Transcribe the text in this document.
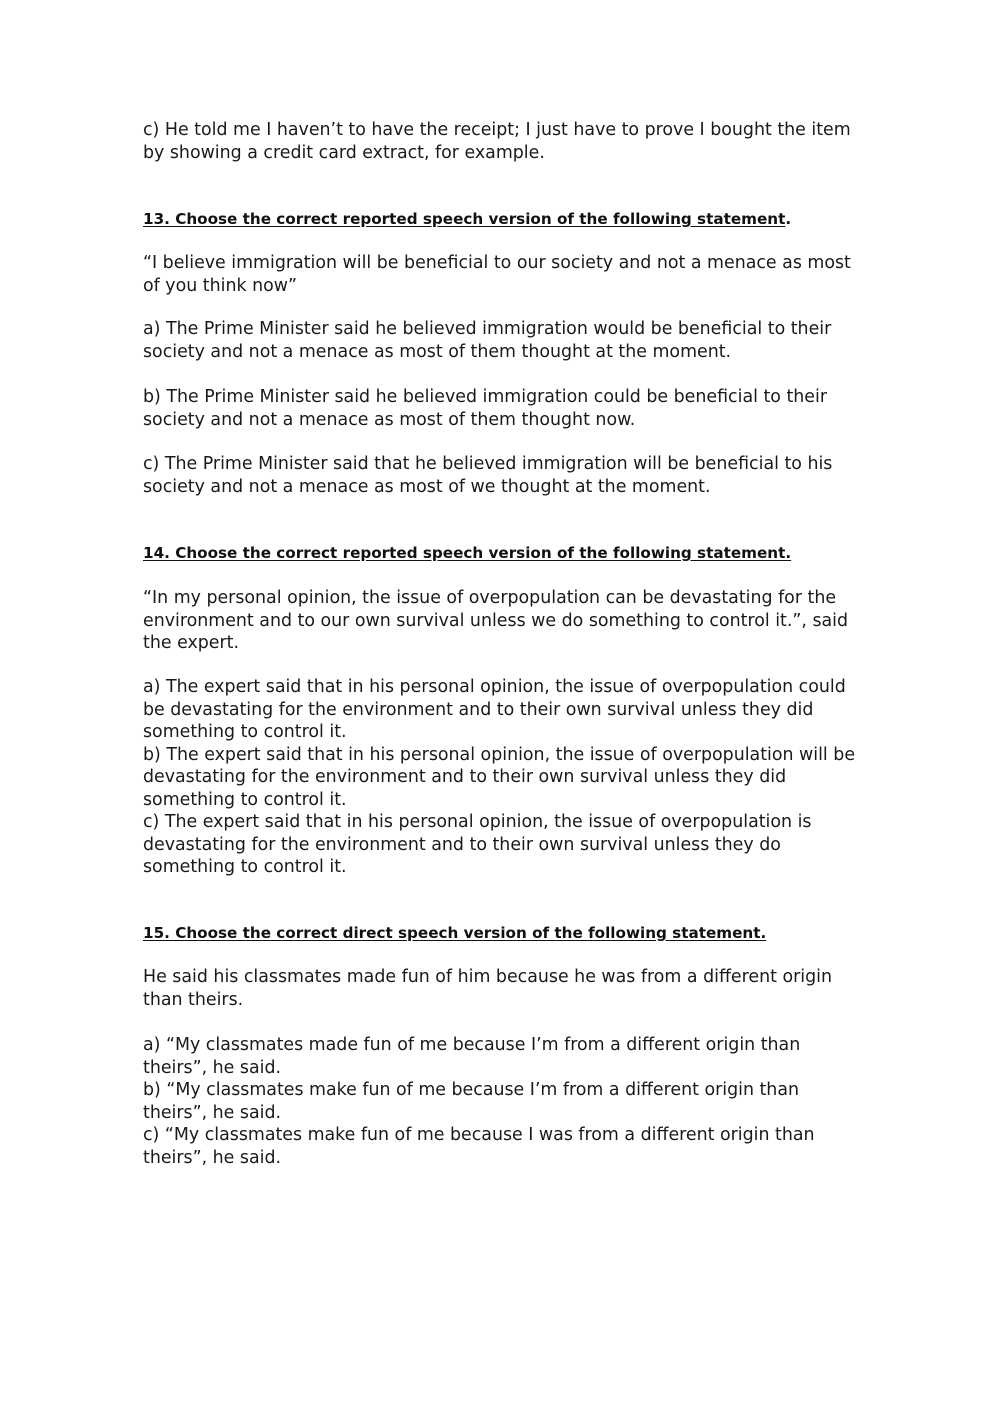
c) He told me I haven’t to have the receipt; I just have to prove I bought the item by showing a credit card extract, for example.

13. Choose the correct reported speech version of the following statement.

“I believe immigration will be beneficial to our society and not a menace as most of you think now”

a) The Prime Minister said he believed immigration would be beneficial to their society and not a menace as most of them thought at the moment.

b) The Prime Minister said he believed immigration could be beneficial to their society and not a menace as most of them thought now.

c) The Prime Minister said that he believed immigration will be beneficial to his society and not a menace as most of we thought at the moment.

14. Choose the correct reported speech version of the following statement.

“In my personal opinion, the issue of overpopulation can be devastating for the environment and to our own survival unless we do something to control it.”, said the expert.

a) The expert said that in his personal opinion, the issue of overpopulation could be devastating for the environment and to their own survival unless they did something to control it.

b) The expert said that in his personal opinion, the issue of overpopulation will be devastating for the environment and to their own survival unless they did something to control it.

c) The expert said that in his personal opinion, the issue of overpopulation is devastating for the environment and to their own survival unless they do something to control it.

15. Choose the correct direct speech version of the following statement.

He said his classmates made fun of him because he was from a different origin than theirs.

a) “My classmates made fun of me because I’m from a different origin than theirs”, he said.

b) “My classmates make fun of me because I’m from a different origin than theirs”, he said.

c) “My classmates make fun of me because I was from a different origin than theirs”, he said.
